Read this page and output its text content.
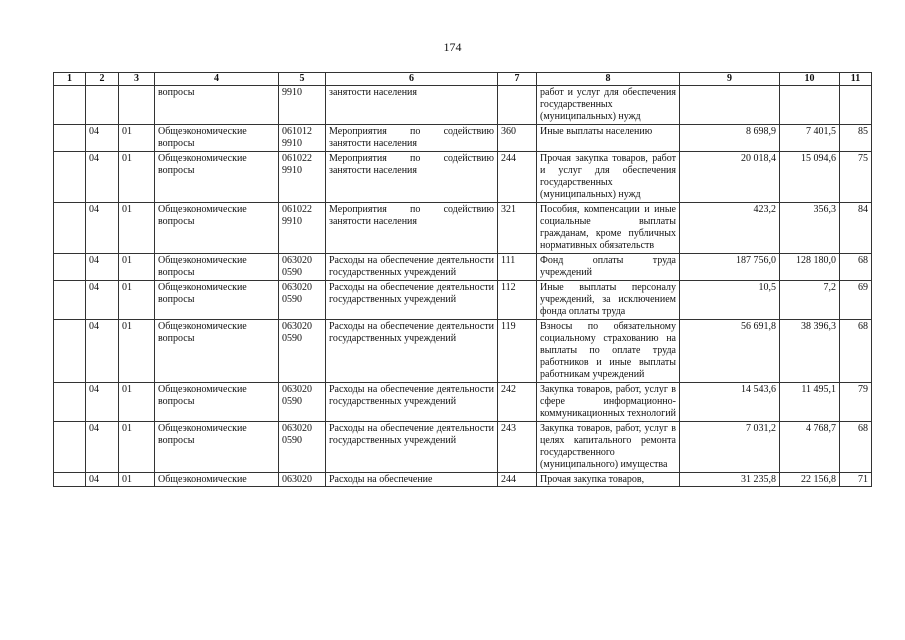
174
1	2	3	4	5	6	7	8	9	10	11
			вопросы	9910	занятости населения		работ и услуг для обеспечения государственных (муниципальных) нужд			
	04	01	Общеэкономические вопросы	061012 9910	Мероприятия по содействию занятости населения	360	Иные выплаты населению	8 698,9	7 401,5	85
	04	01	Общеэкономические вопросы	061022 9910	Мероприятия по содействию занятости населения	244	Прочая закупка товаров, работ и услуг для обеспечения государственных (муниципальных) нужд	20 018,4	15 094,6	75
	04	01	Общеэкономические вопросы	061022 9910	Мероприятия по содействию занятости населения	321	Пособия, компенсации и иные социальные выплаты гражданам, кроме публичных нормативных обязательств	423,2	356,3	84
	04	01	Общеэкономические вопросы	063020 0590	Расходы на обеспечение деятельности государственных учреждений	111	Фонд оплаты труда учреждений	187 756,0	128 180,0	68
	04	01	Общеэкономические вопросы	063020 0590	Расходы на обеспечение деятельности государственных учреждений	112	Иные выплаты персоналу учреждений, за исключением фонда оплаты труда	10,5	7,2	69
	04	01	Общеэкономические вопросы	063020 0590	Расходы на обеспечение деятельности государственных учреждений	119	Взносы по обязательному социальному страхованию на выплаты по оплате труда работников и иные выплаты работникам учреждений	56 691,8	38 396,3	68
	04	01	Общеэкономические вопросы	063020 0590	Расходы на обеспечение деятельности государственных учреждений	242	Закупка товаров, работ, услуг в сфере информационно-коммуникационных технологий	14 543,6	11 495,1	79
	04	01	Общеэкономические вопросы	063020 0590	Расходы на обеспечение деятельности государственных учреждений	243	Закупка товаров, работ, услуг в целях капитального ремонта государственного (муниципального) имущества	7 031,2	4 768,7	68
	04	01	Общеэкономические	063020	Расходы на обеспечение	244	Прочая закупка товаров,	31 235,8	22 156,8	71
